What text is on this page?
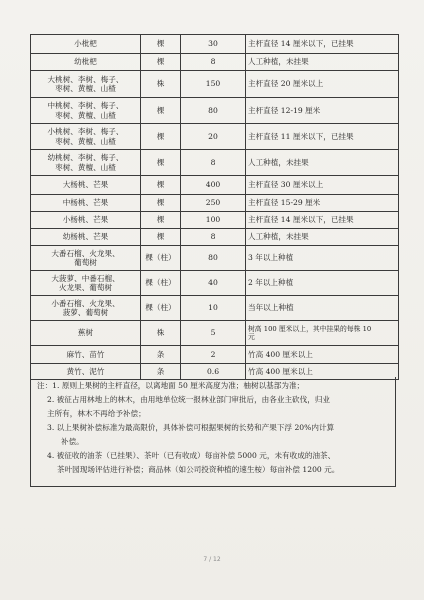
小枇杷	棵	30	主杆直径 14 厘米以下，已挂果

幼枇杷	棵	8	人工种植，未挂果

大桃树、李树、梅子、
枣树、黄檀、山楂	株	150	主杆直径 20 厘米以上

中桃树、李树、梅子、
枣树、黄檀、山楂	棵	80	主杆直径 12-19 厘米

小桃树、李树、梅子、
枣树、黄檀、山楂	棵	20	主杆直径 11 厘米以下，已挂果

幼桃树、李树、梅子、
枣树、黄檀、山楂	棵	8	人工种植，未挂果

大杨桃、芒果	棵	400	主杆直径 30 厘米以上

中杨桃、芒果	棵	250	主杆直径 15-29 厘米

小杨桃、芒果	棵	100	主杆直径 14 厘米以下，已挂果

幼杨桃、芒果	棵	8	人工种植，未挂果

大番石榴、火龙果、
葡萄树	棵（柱）	80	3 年以上种植

大菠萝、中番石榴、
火龙果、葡萄树	棵（柱）	40	2 年以上种植

小番石榴、火龙果、
菠萝、葡萄树	棵（柱）	10	当年以上种植

蕉树	株	5	树高 100 厘米以上，其中挂果的每株 10
元

麻竹、苗竹	条	2	竹高 400 厘米以上

黄竹、泥竹	条	0.6	竹高 400 厘米以上
注：1. 原则上果树的主杆直径，以离地面 50 厘米高度为准；柚树以基部为准；
2. 被征占用林地上的林木，由用地单位统一报林业部门审批后，由各业主砍伐，归业
主所有，林木不再给予补偿；
3. 以上果树补偿标准为最高限价，具体补偿可根据果树的长势和产果下浮 20%内计算
补偿。
4. 被征收的油茶（已挂果）、茶叶（已有收成）每亩补偿 5000 元，未有收成的油茶、
茶叶园现场评估进行补偿；商品林（如公司投资种植的速生桉）每亩补偿 1200 元。
7 / 12
